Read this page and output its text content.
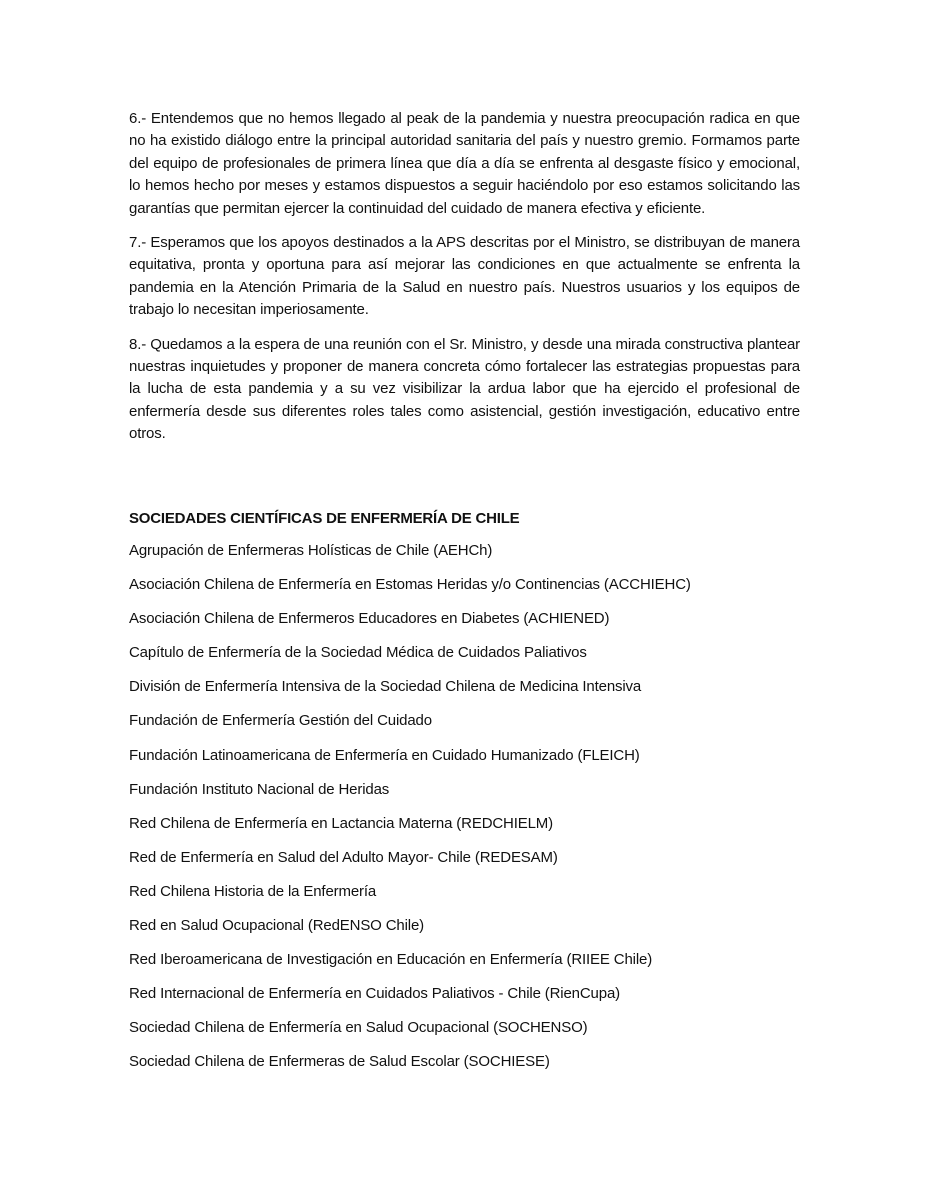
6.- Entendemos que no hemos llegado al peak de la pandemia y nuestra preocupación radica en que no ha existido diálogo entre la principal autoridad sanitaria del país y nuestro gremio. Formamos parte del equipo de profesionales de primera línea que día a día se enfrenta al desgaste físico y emocional, lo hemos hecho por meses y estamos dispuestos a seguir haciéndolo por eso estamos solicitando las garantías que permitan ejercer la continuidad del cuidado de manera efectiva y eficiente.

7.- Esperamos que los apoyos destinados a la APS descritas por el Ministro, se distribuyan de manera equitativa, pronta y oportuna para así mejorar las condiciones en que actualmente se enfrenta la pandemia en la Atención Primaria de la Salud en nuestro país. Nuestros usuarios y los equipos de trabajo lo necesitan imperiosamente.

8.- Quedamos a la espera de una reunión con el Sr. Ministro, y desde una mirada constructiva plantear nuestras inquietudes y proponer de manera concreta cómo fortalecer las estrategias propuestas para la lucha de esta pandemia y a su vez visibilizar la ardua labor que ha ejercido el profesional de enfermería desde sus diferentes roles tales como asistencial, gestión investigación, educativo entre otros.

SOCIEDADES CIENTÍFICAS DE ENFERMERÍA DE CHILE
Agrupación de Enfermeras Holísticas de Chile (AEHCh)
Asociación Chilena de Enfermería en Estomas Heridas y/o Continencias (ACCHIEHC)
Asociación Chilena de Enfermeros Educadores en Diabetes (ACHIENED)
Capítulo de Enfermería de la Sociedad Médica de Cuidados Paliativos
División de Enfermería Intensiva de la Sociedad Chilena de Medicina Intensiva
Fundación de Enfermería Gestión del Cuidado
Fundación Latinoamericana de Enfermería en Cuidado Humanizado (FLEICH)
Fundación Instituto Nacional de Heridas
Red Chilena de Enfermería en Lactancia Materna (REDCHIELM)
Red de Enfermería en Salud del Adulto Mayor- Chile (REDESAM)
Red Chilena Historia de la Enfermería
Red en Salud Ocupacional (RedENSO Chile)
Red Iberoamericana de Investigación en Educación en Enfermería (RIIEE Chile)
Red Internacional de Enfermería en Cuidados Paliativos - Chile (RienCupa)
Sociedad Chilena de Enfermería en Salud Ocupacional (SOCHENSO)
Sociedad Chilena de Enfermeras de Salud Escolar (SOCHIESE)
